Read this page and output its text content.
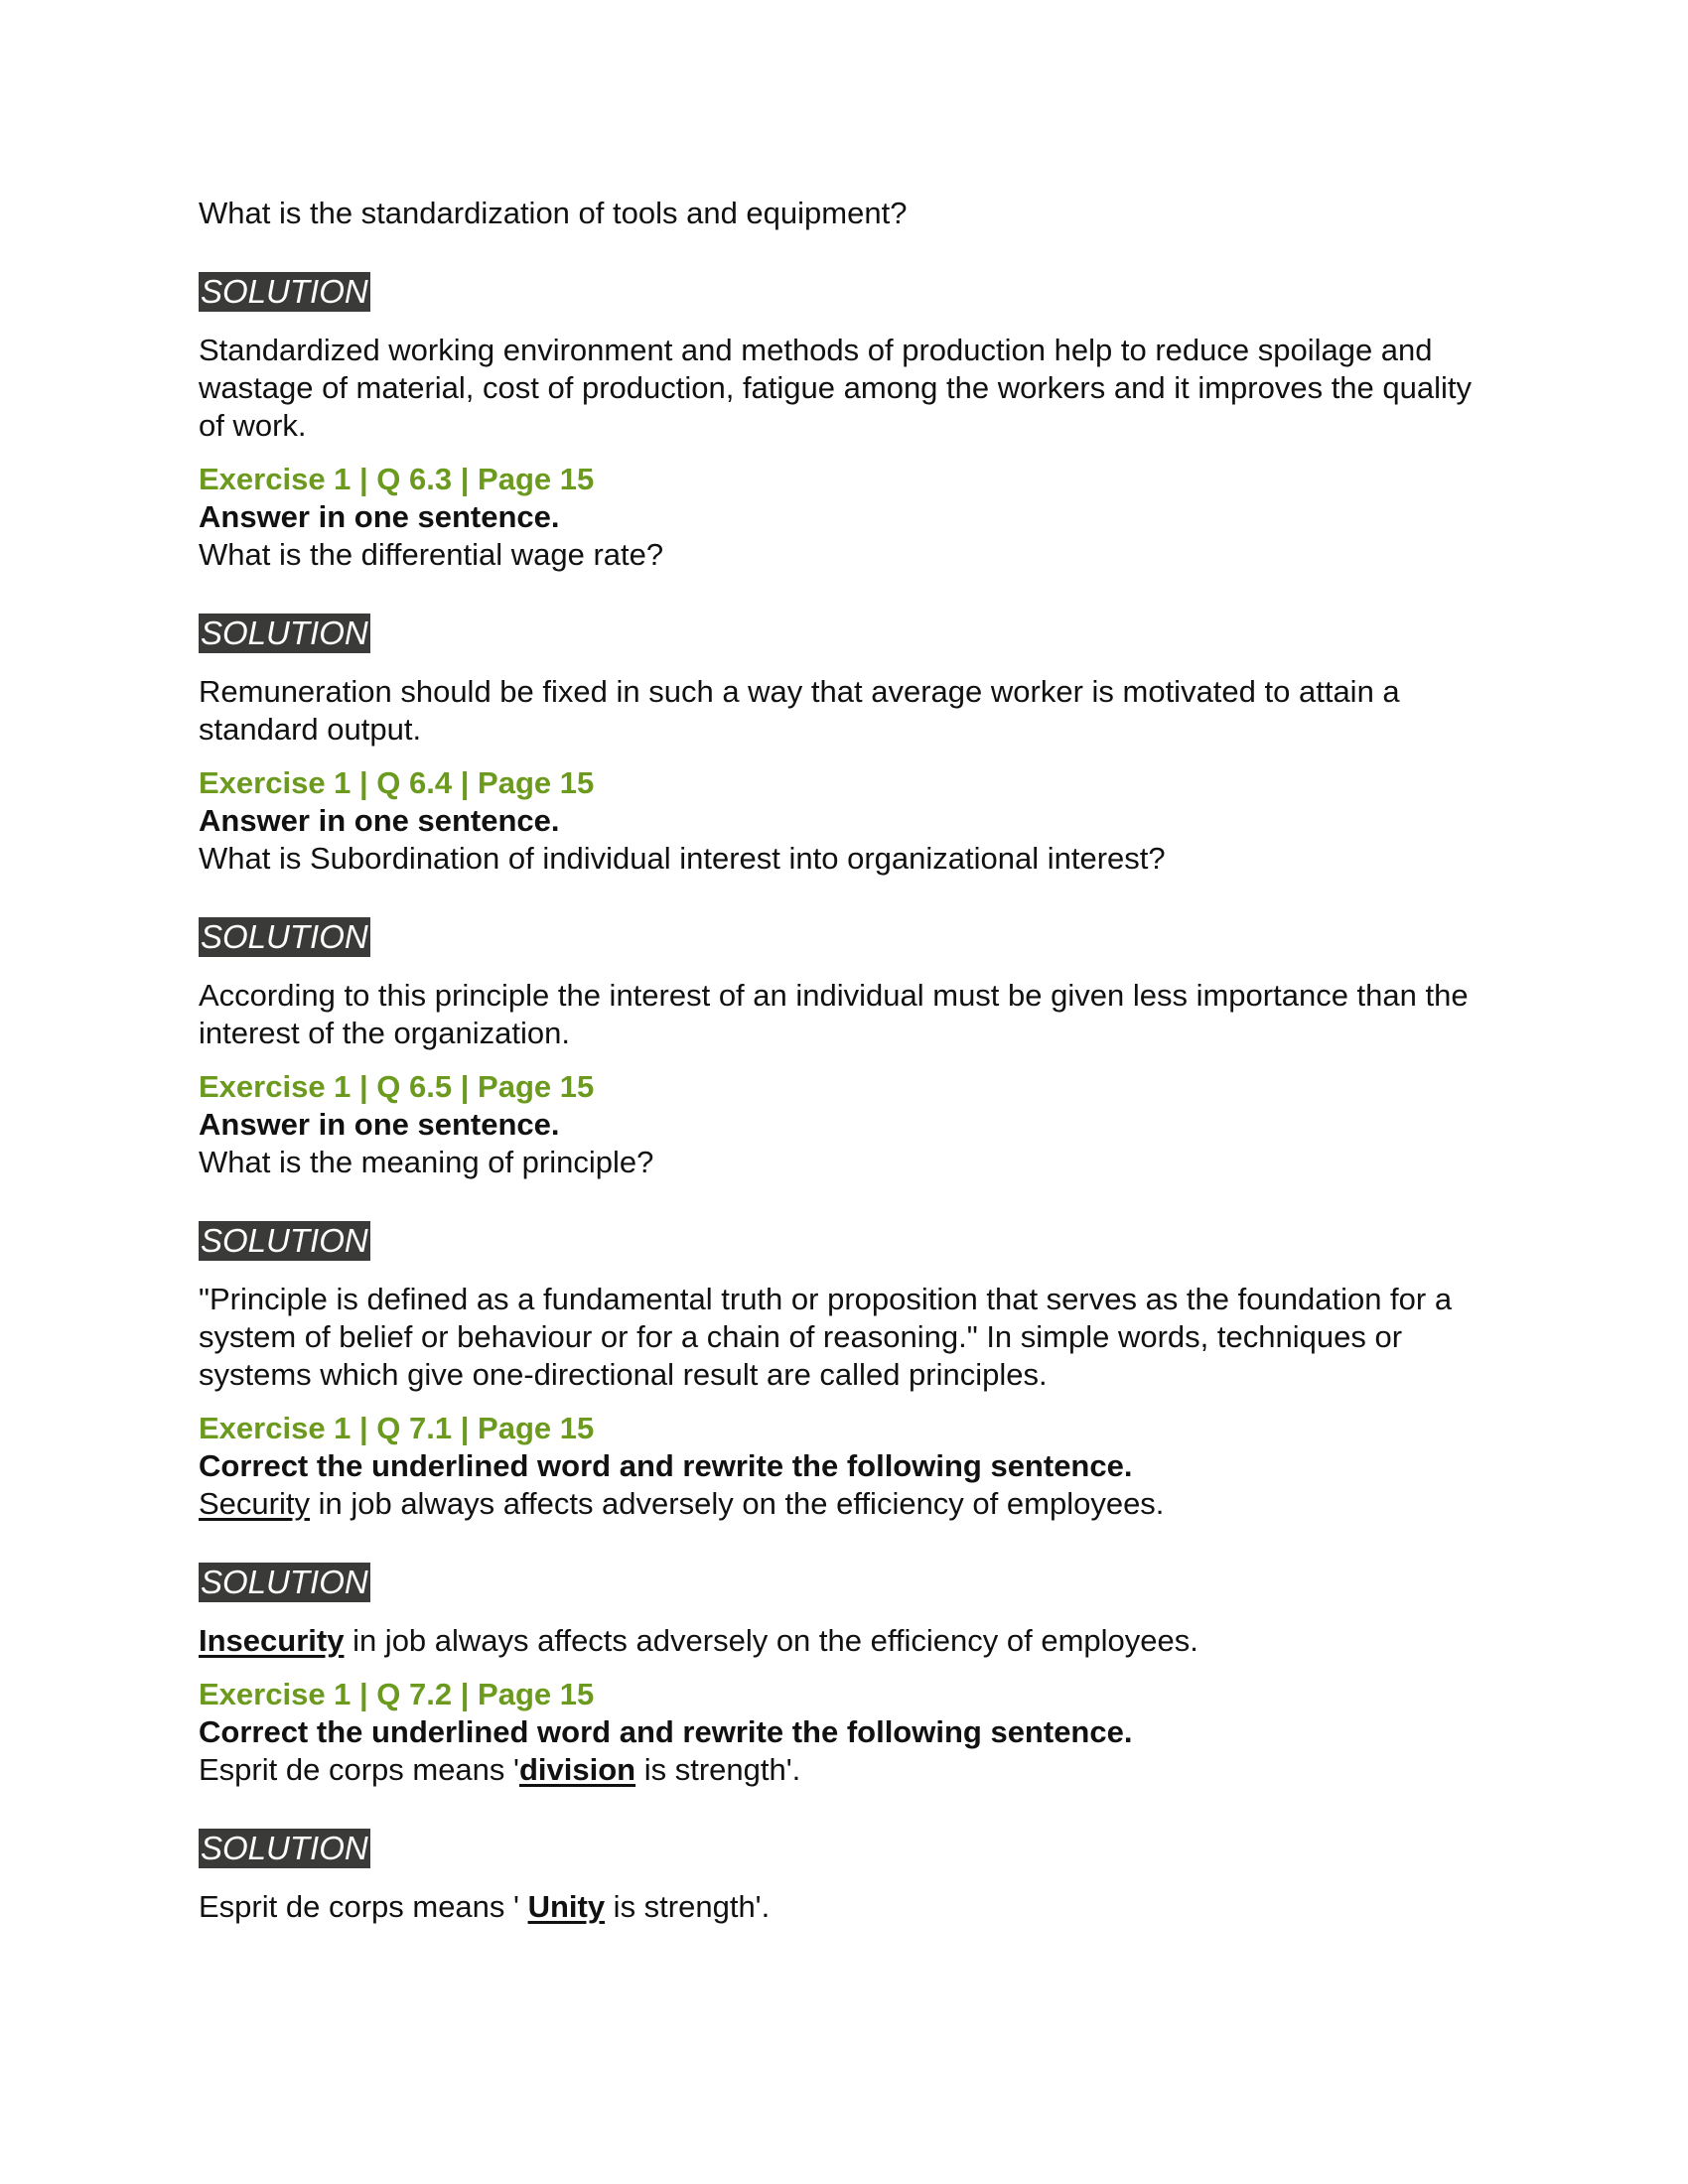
What is the standardization of tools and equipment?

SOLUTION

Standardized working environment and methods of production help to reduce spoilage and wastage of material, cost of production, fatigue among the workers and it improves the quality of work.

Exercise 1 | Q 6.3 | Page 15

Answer in one sentence.

What is the differential wage rate?

SOLUTION

Remuneration should be fixed in such a way that average worker is motivated to attain a standard output.

Exercise 1 | Q 6.4 | Page 15

Answer in one sentence.

What is Subordination of individual interest into organizational interest?

SOLUTION

According to this principle the interest of an individual must be given less importance than the interest of the organization.

Exercise 1 | Q 6.5 | Page 15

Answer in one sentence.

What is the meaning of principle?

SOLUTION

"Principle is defined as a fundamental truth or proposition that serves as the foundation for a system of belief or behaviour or for a chain of reasoning." In simple words, techniques or systems which give one-directional result are called principles.

Exercise 1 | Q 7.1 | Page 15

Correct the underlined word and rewrite the following sentence.

Security in job always affects adversely on the efficiency of employees.

SOLUTION

Insecurity in job always affects adversely on the efficiency of employees.

Exercise 1 | Q 7.2 | Page 15

Correct the underlined word and rewrite the following sentence.

Esprit de corps means 'division is strength'.

SOLUTION

Esprit de corps means ' Unity is strength'.
